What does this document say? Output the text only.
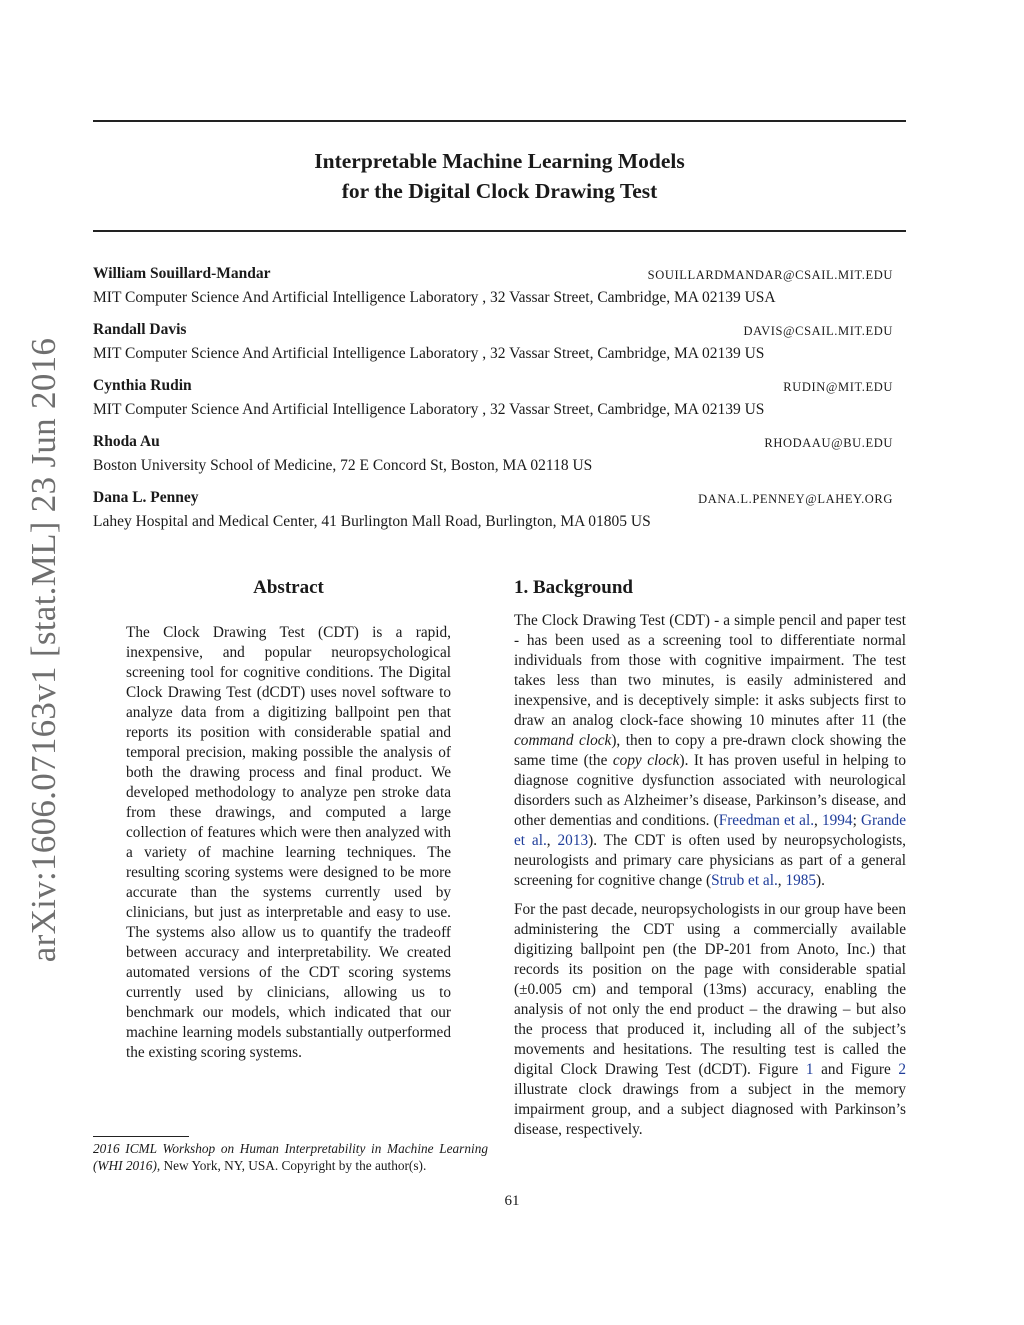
arXiv:1606.07163v1 [stat.ML] 23 Jun 2016
Interpretable Machine Learning Models
for the Digital Clock Drawing Test
William Souillard-Mandar	SOUILLARDMANDAR@CSAIL.MIT.EDU
MIT Computer Science And Artificial Intelligence Laboratory , 32 Vassar Street, Cambridge, MA 02139 USA
Randall Davis	DAVIS@CSAIL.MIT.EDU
MIT Computer Science And Artificial Intelligence Laboratory , 32 Vassar Street, Cambridge, MA 02139 US
Cynthia Rudin	RUDIN@MIT.EDU
MIT Computer Science And Artificial Intelligence Laboratory , 32 Vassar Street, Cambridge, MA 02139 US
Rhoda Au	RHODAAU@BU.EDU
Boston University School of Medicine, 72 E Concord St, Boston, MA 02118 US
Dana L. Penney	DANA.L.PENNEY@LAHEY.ORG
Lahey Hospital and Medical Center, 41 Burlington Mall Road, Burlington, MA 01805 US
Abstract
The Clock Drawing Test (CDT) is a rapid, inexpensive, and popular neuropsychological screening tool for cognitive conditions. The Digital Clock Drawing Test (dCDT) uses novel software to analyze data from a digitizing ballpoint pen that reports its position with considerable spatial and temporal precision, making possible the analysis of both the drawing process and final product. We developed methodology to analyze pen stroke data from these drawings, and computed a large collection of features which were then analyzed with a variety of machine learning techniques. The resulting scoring systems were designed to be more accurate than the systems currently used by clinicians, but just as interpretable and easy to use. The systems also allow us to quantify the tradeoff between accuracy and interpretability. We created automated versions of the CDT scoring systems currently used by clinicians, allowing us to benchmark our models, which indicated that our machine learning models substantially outperformed the existing scoring systems.
2016 ICML Workshop on Human Interpretability in Machine Learning (WHI 2016), New York, NY, USA. Copyright by the author(s).
1. Background

The Clock Drawing Test (CDT) - a simple pencil and paper test - has been used as a screening tool to differentiate normal individuals from those with cognitive impairment. The test takes less than two minutes, is easily administered and inexpensive, and is deceptively simple: it asks subjects first to draw an analog clock-face showing 10 minutes after 11 (the command clock), then to copy a pre-drawn clock showing the same time (the copy clock). It has proven useful in helping to diagnose cognitive dysfunction associated with neurological disorders such as Alzheimer’s disease, Parkinson’s disease, and other dementias and conditions. (Freedman et al., 1994; Grande et al., 2013). The CDT is often used by neuropsychologists, neurologists and primary care physicians as part of a general screening for cognitive change (Strub et al., 1985).

For the past decade, neuropsychologists in our group have been administering the CDT using a commercially available digitizing ballpoint pen (the DP-201 from Anoto, Inc.) that records its position on the page with considerable spatial (±0.005 cm) and temporal (13ms) accuracy, enabling the analysis of not only the end product – the drawing – but also the process that produced it, including all of the subject’s movements and hesitations. The resulting test is called the digital Clock Drawing Test (dCDT). Figure 1 and Figure 2 illustrate clock drawings from a subject in the memory impairment group, and a subject diagnosed with Parkinson’s disease, respectively.

61
